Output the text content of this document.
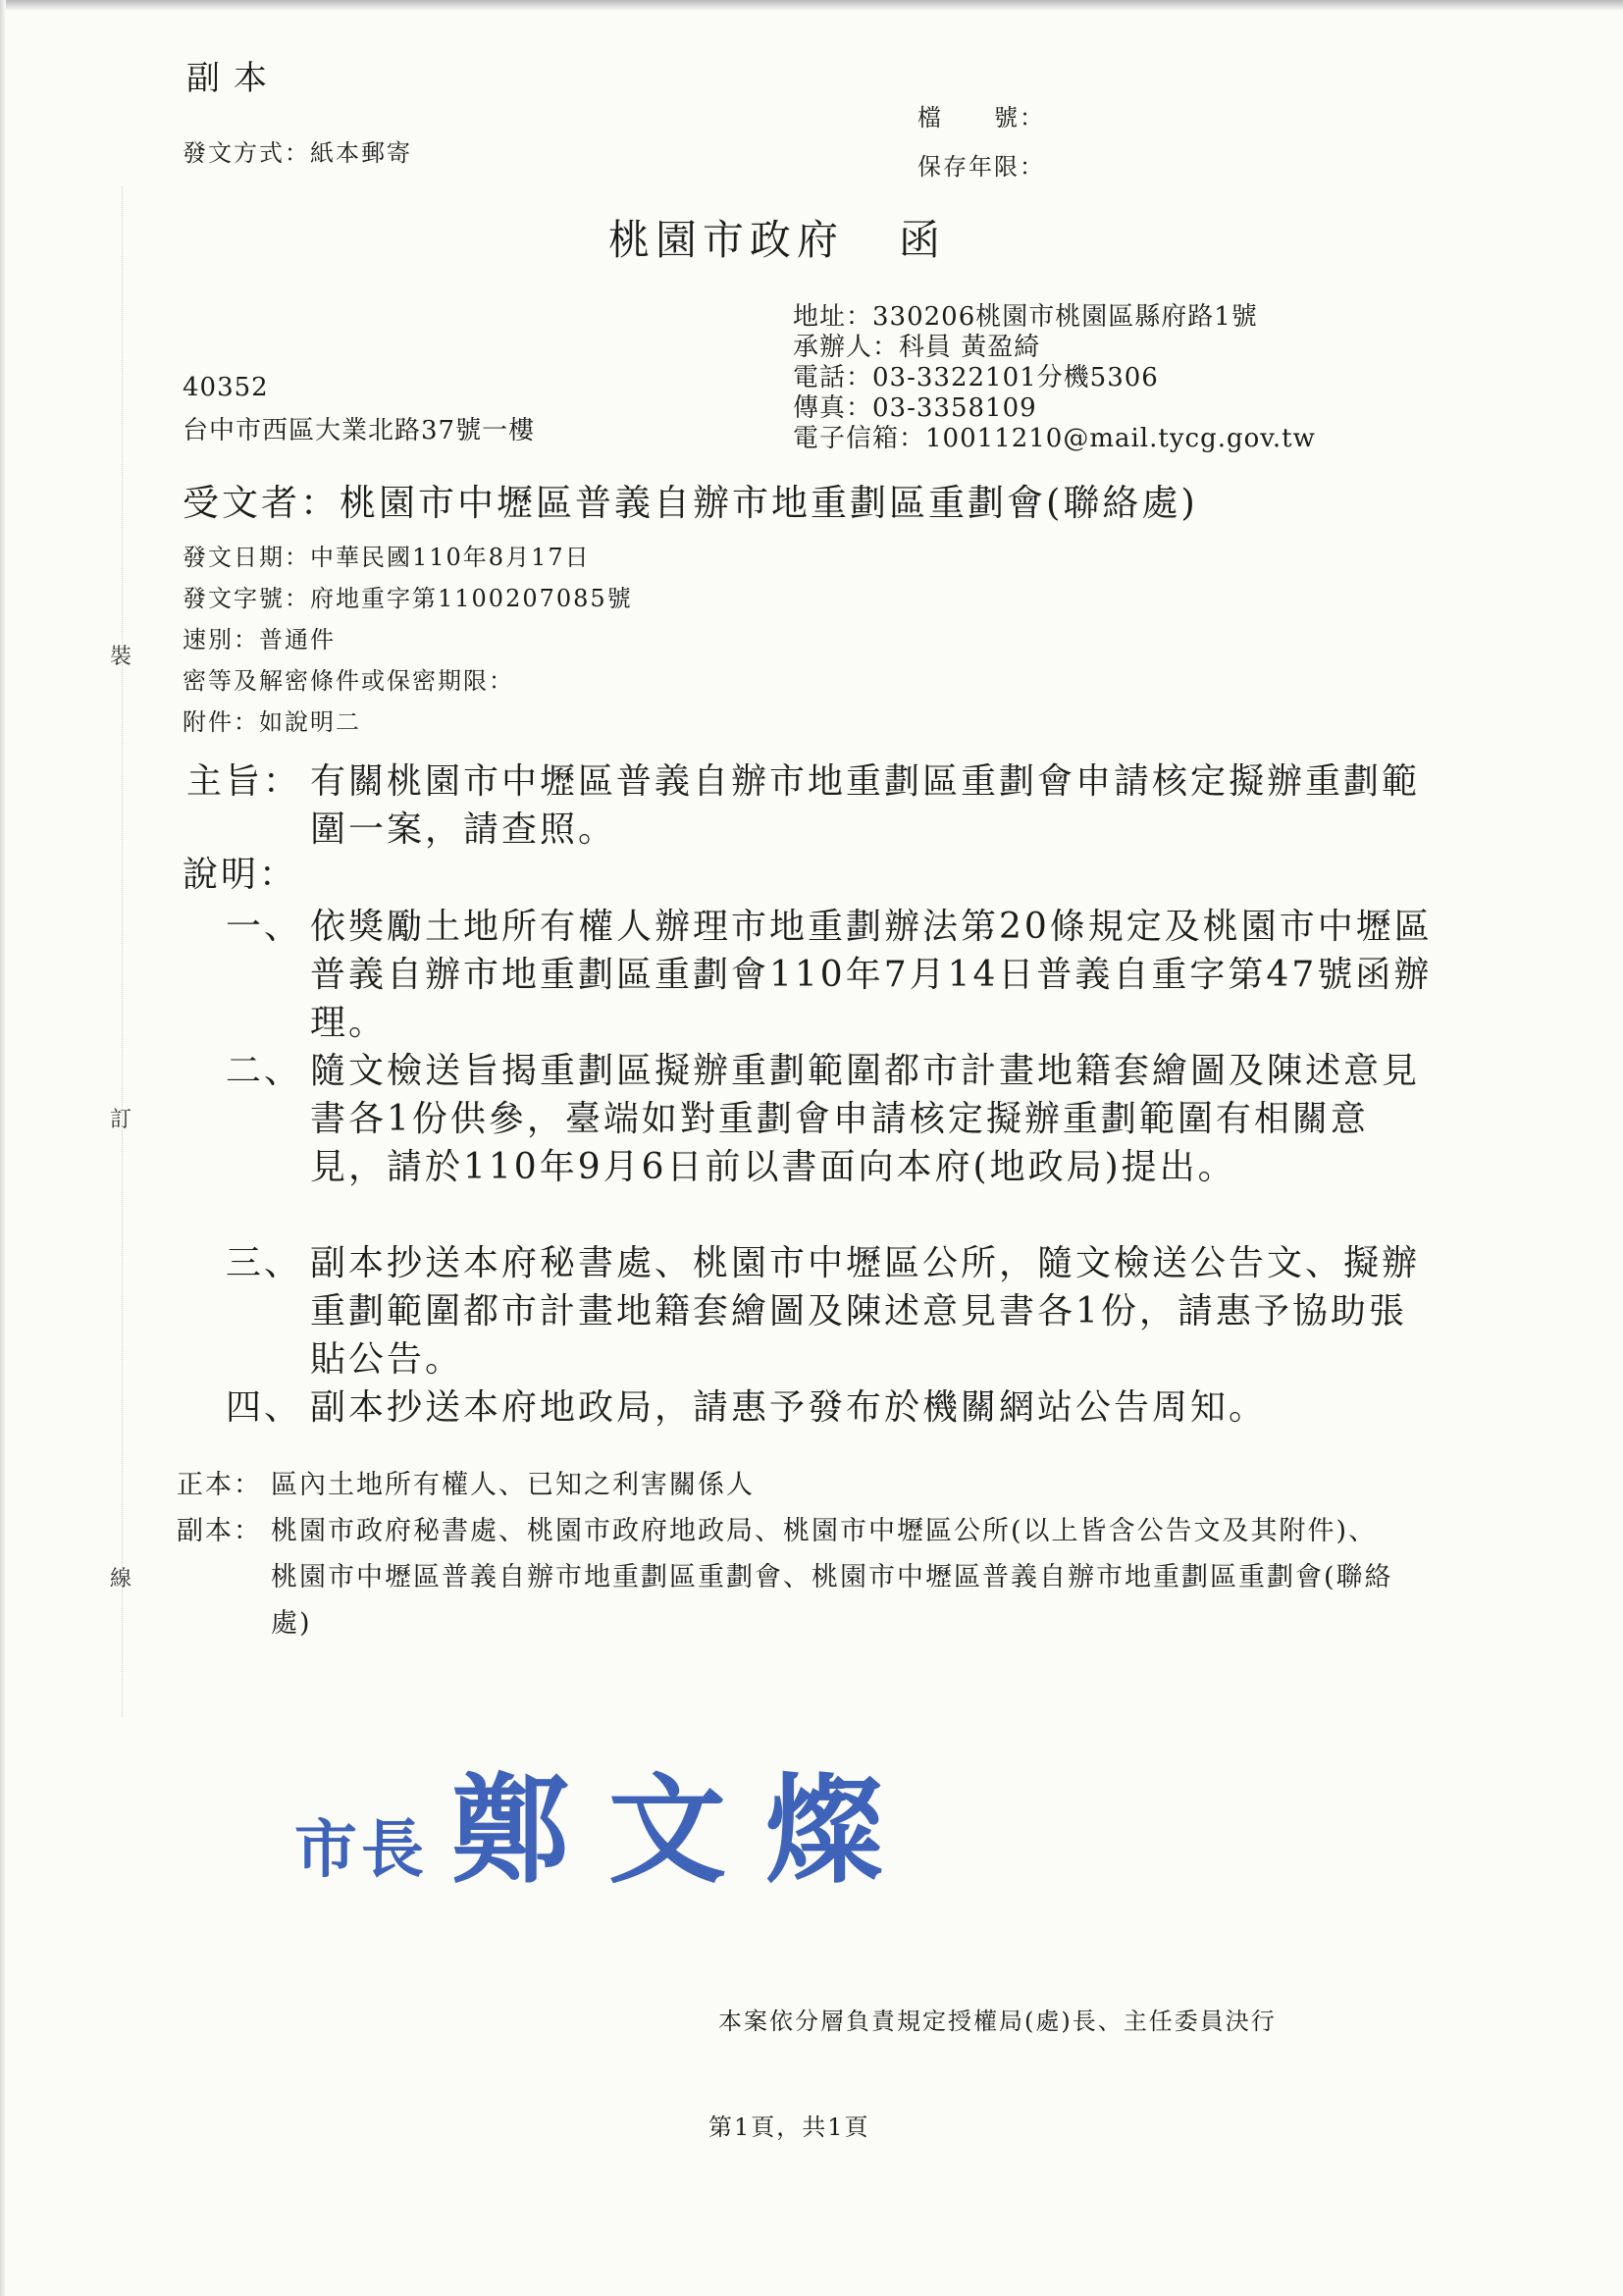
副本
發文方式：紙本郵寄
檔　　號：
保存年限：
桃園市政府 函
地址：330206桃園市桃園區縣府路1號
承辦人：科員 黃盈綺
電話：03-3322101分機5306
傳真：03-3358109
電子信箱：10011210@mail.tycg.gov.tw
40352
台中市西區大業北路37號一樓
受文者：桃園市中壢區普義自辦市地重劃區重劃會(聯絡處)
發文日期：中華民國110年8月17日
發文字號：府地重字第1100207085號
速別：普通件
密等及解密條件或保密期限：
附件：如說明二
裝
訂
線
主旨： 有關桃園市中壢區普義自辦市地重劃區重劃會申請核定擬辦重劃範圍一案，請查照。
說明：
一、 依獎勵土地所有權人辦理市地重劃辦法第20條規定及桃園市中壢區普義自辦市地重劃區重劃會110年7月14日普義自重字第47號函辦理。
二、 隨文檢送旨揭重劃區擬辦重劃範圍都市計畫地籍套繪圖及陳述意見書各1份供參，臺端如對重劃會申請核定擬辦重劃範圍有相關意見，請於110年9月6日前以書面向本府(地政局)提出。
三、 副本抄送本府秘書處、桃園市中壢區公所，隨文檢送公告文、擬辦重劃範圍都市計畫地籍套繪圖及陳述意見書各1份，請惠予協助張貼公告。
四、 副本抄送本府地政局，請惠予發布於機關網站公告周知。
正本： 區內土地所有權人、已知之利害關係人
副本： 桃園市政府秘書處、桃園市政府地政局、桃園市中壢區公所(以上皆含公告文及其附件)、桃園市中壢區普義自辦市地重劃區重劃會、桃園市中壢區普義自辦市地重劃區重劃會(聯絡處)
市長 鄭文燦
本案依分層負責規定授權局(處)長、主任委員決行
第1頁，共1頁
